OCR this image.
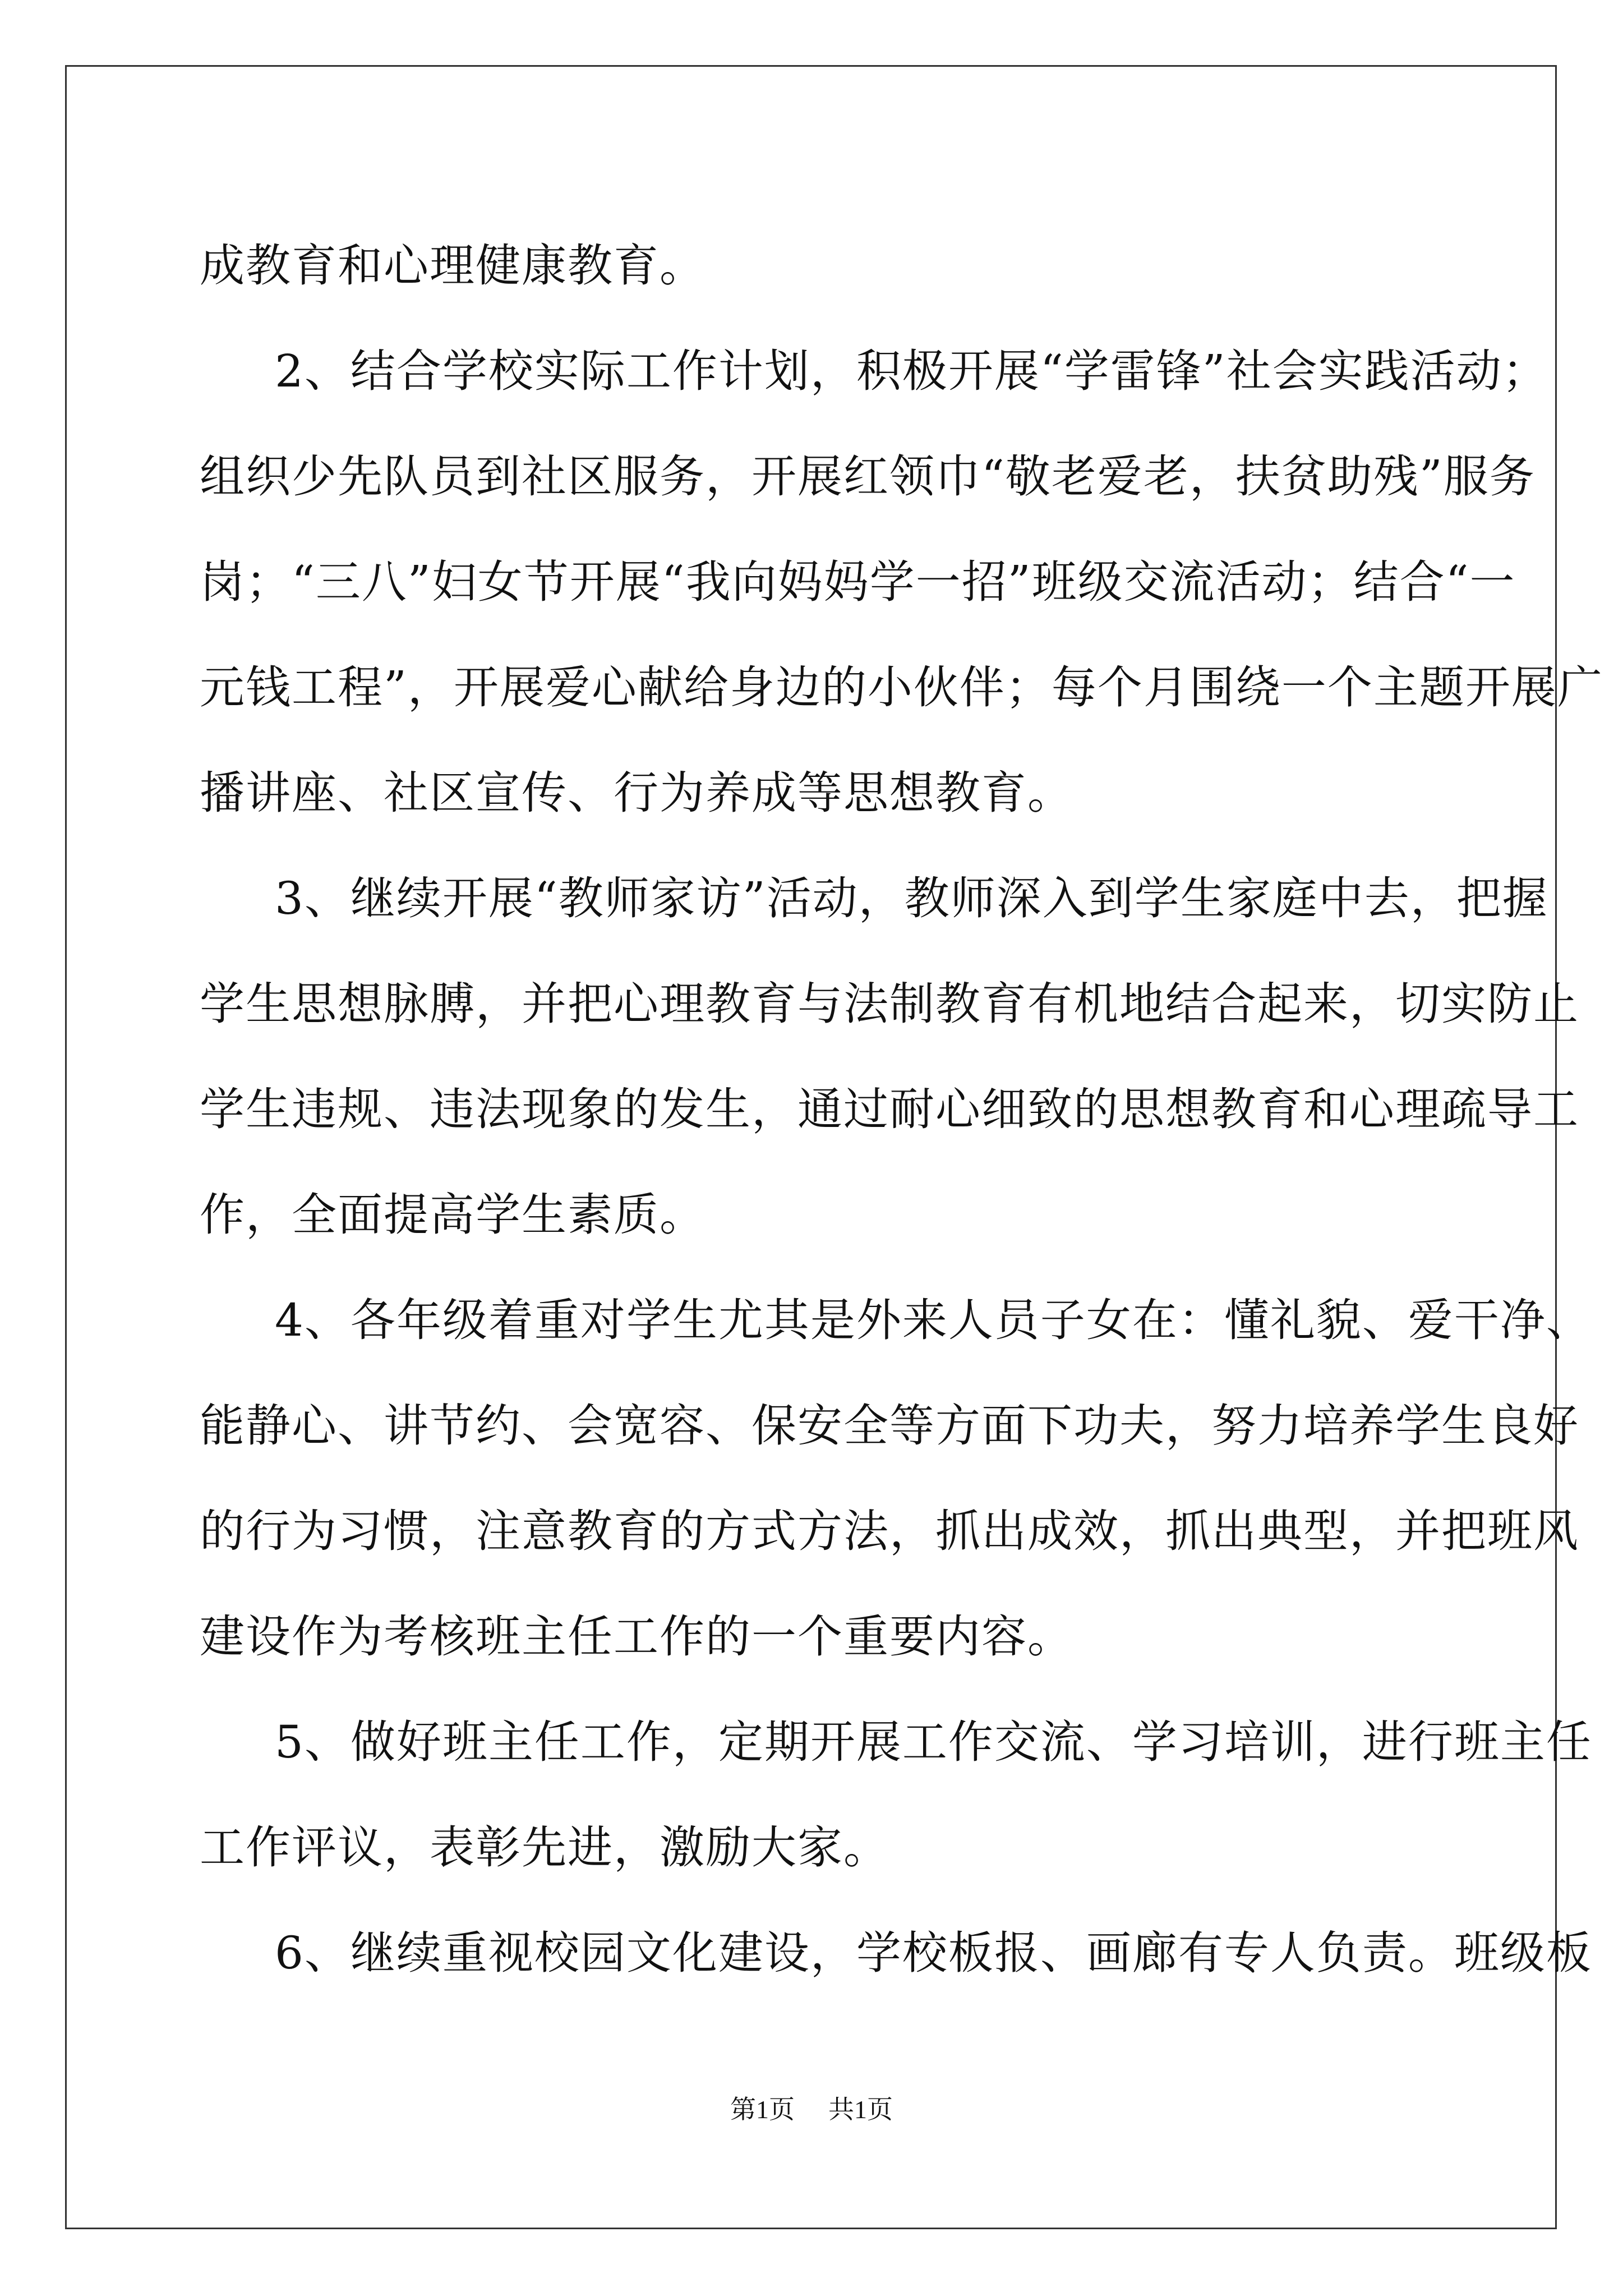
成教育和心理健康教育。
2、结合学校实际工作计划，积极开展“学雷锋”社会实践活动；
组织少先队员到社区服务，开展红领巾“敬老爱老，扶贫助残”服务
岗；“三八”妇女节开展“我向妈妈学一招”班级交流活动；结合“一
元钱工程”，开展爱心献给身边的小伙伴；每个月围绕一个主题开展广
播讲座、社区宣传、行为养成等思想教育。
3、继续开展“教师家访”活动，教师深入到学生家庭中去，把握
学生思想脉膊，并把心理教育与法制教育有机地结合起来，切实防止
学生违规、违法现象的发生，通过耐心细致的思想教育和心理疏导工
作，全面提高学生素质。
4、各年级着重对学生尤其是外来人员子女在：懂礼貌、爱干净、
能静心、讲节约、会宽容、保安全等方面下功夫，努力培养学生良好
的行为习惯，注意教育的方式方法，抓出成效，抓出典型，并把班风
建设作为考核班主任工作的一个重要内容。
5、做好班主任工作，定期开展工作交流、学习培训，进行班主任
工作评议，表彰先进，激励大家。
6、继续重视校园文化建设，学校板报、画廊有专人负责。班级板
第1页 共1页
